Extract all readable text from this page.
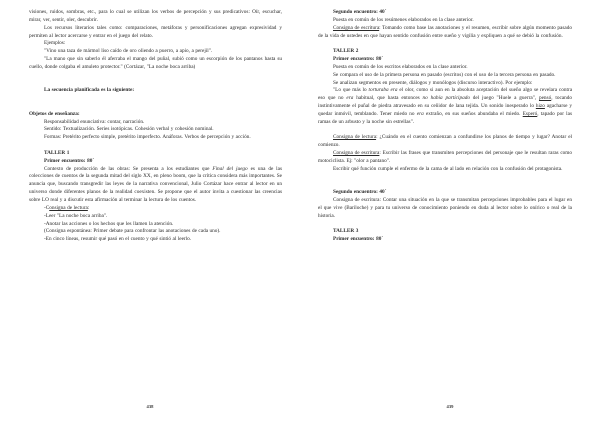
visiones, ruidos, sombras, etc., para lo cual se utilizan los verbos de percepción y sus predicativos: Oír, escuchar, mirar, ver, sentir, oler, descubrir.

Los recursos literarios tales como: comparaciones, metáforas y personificaciones agregan expresividad y permiten al lector acercarse y entrar en el juego del relato.

Ejemplos:

"Vino una taza de mármol liso caído de oro oliendo a puerro, a apio, a perejil".

"La mano que sin saberlo él aferraba el mango del puñal, subió como un escorpión de los pantanos hasta su cuello, donde colgaba el amuleto protector." (Cortázar, "La noche boca arriba)

La secuencia planificada es la siguiente:

Objetos de enseñanza:

Responsabilidad enunciativa: contar, narración.

Sentido: Textualización. Series isotópicas. Cohesión verbal y cohesión nominal.

Formas: Pretérito perfecto simple, pretérito imperfecto. Anáforas. Verbos de percepción y acción.

TALLER 1

Primer encuentro: 80´

Contexto de producción de las obras: Se presenta a los estudiantes que Final del juego es una de las colecciones de cuentos de la segunda mitad del siglo XX, en pleno boom, que la crítica considera más importantes. Se anuncia que, buscando transgredir las leyes de la narrativa convencional, Julio Cortázar hace entrar al lector en un universo donde diferentes planos de la realidad coexisten. Se propone que el autor invita a cuestionar las creencias sobre LO real y a discutir esta afirmación al terminar la lectura de los cuentos.

-Consigna de lectura:

-Leer "La noche boca arriba".

-Anotar las acciones o los hechos que les llamen la atención.

(Consigna espontánea: Primer debate para confrontar las anotaciones de cada uno).

-En cinco líneas, resumir qué pasó en el cuento y qué sintió al leerlo.

438

Segundo encuentro: 40´

Puesta en común de los resúmenes elaborados en la clase anterior.

Consigna de escritura: Tomando como base las anotaciones y el resumen, escribir sobre algún momento pasado de la vida de ustedes en que hayan sentido confusión entre sueño y vigilia y expliquen a qué se debió la confusión.

TALLER 2

Primer encuentro: 80´

Puesta en común de los escritos elaborados en la clase anterior.

Se compara el uso de la primera persona en pasado (escritos) con el uso de la tercera persona en pasado.

Se analizan segmentos en presente, diálogos y monólogos (discurso interactivo). Por ejemplo:

"Lo que más lo torturaba era el olor, como si aun en la absoluta aceptación del sueño algo se revelara contra eso que no era habitual, que hasta entonces no había participado del juego "Huele a guerra", pensó, tocando instintivamente el puñal de piedra atravesado en su ceñidor de lana tejida. Un sonido inesperado lo hizo agacharse y quedar inmóvil, temblando. Tener miedo no era extraño, en sus sueños abundaba el miedo. Esperó, tapado por las ramas de un arbusto y la noche sin estrellas".

Consigna de lectura: ¿Cuándo en el cuento comienzan a confundirse los planos de tiempo y lugar? Anotar el comienzo.

Consigna de escritura: Escribir las frases que transmiten percepciones del personaje que le resultan raras como motociclista. Ej: "olor a pantano".

Escribir qué función cumple el enfermo de la cama de al lado en relación con la confusión del protagonista.

Segundo encuentro: 40´

Consigna de escritura: Contar una situación en la que se transmitan percepciones improbables para el lugar en el que vive (Bariloche) y para tu universo de conocimiento poniendo en duda al lector sobre lo onírico o real de la historia.

TALLER 3

Primer encuentro: 80´

439
